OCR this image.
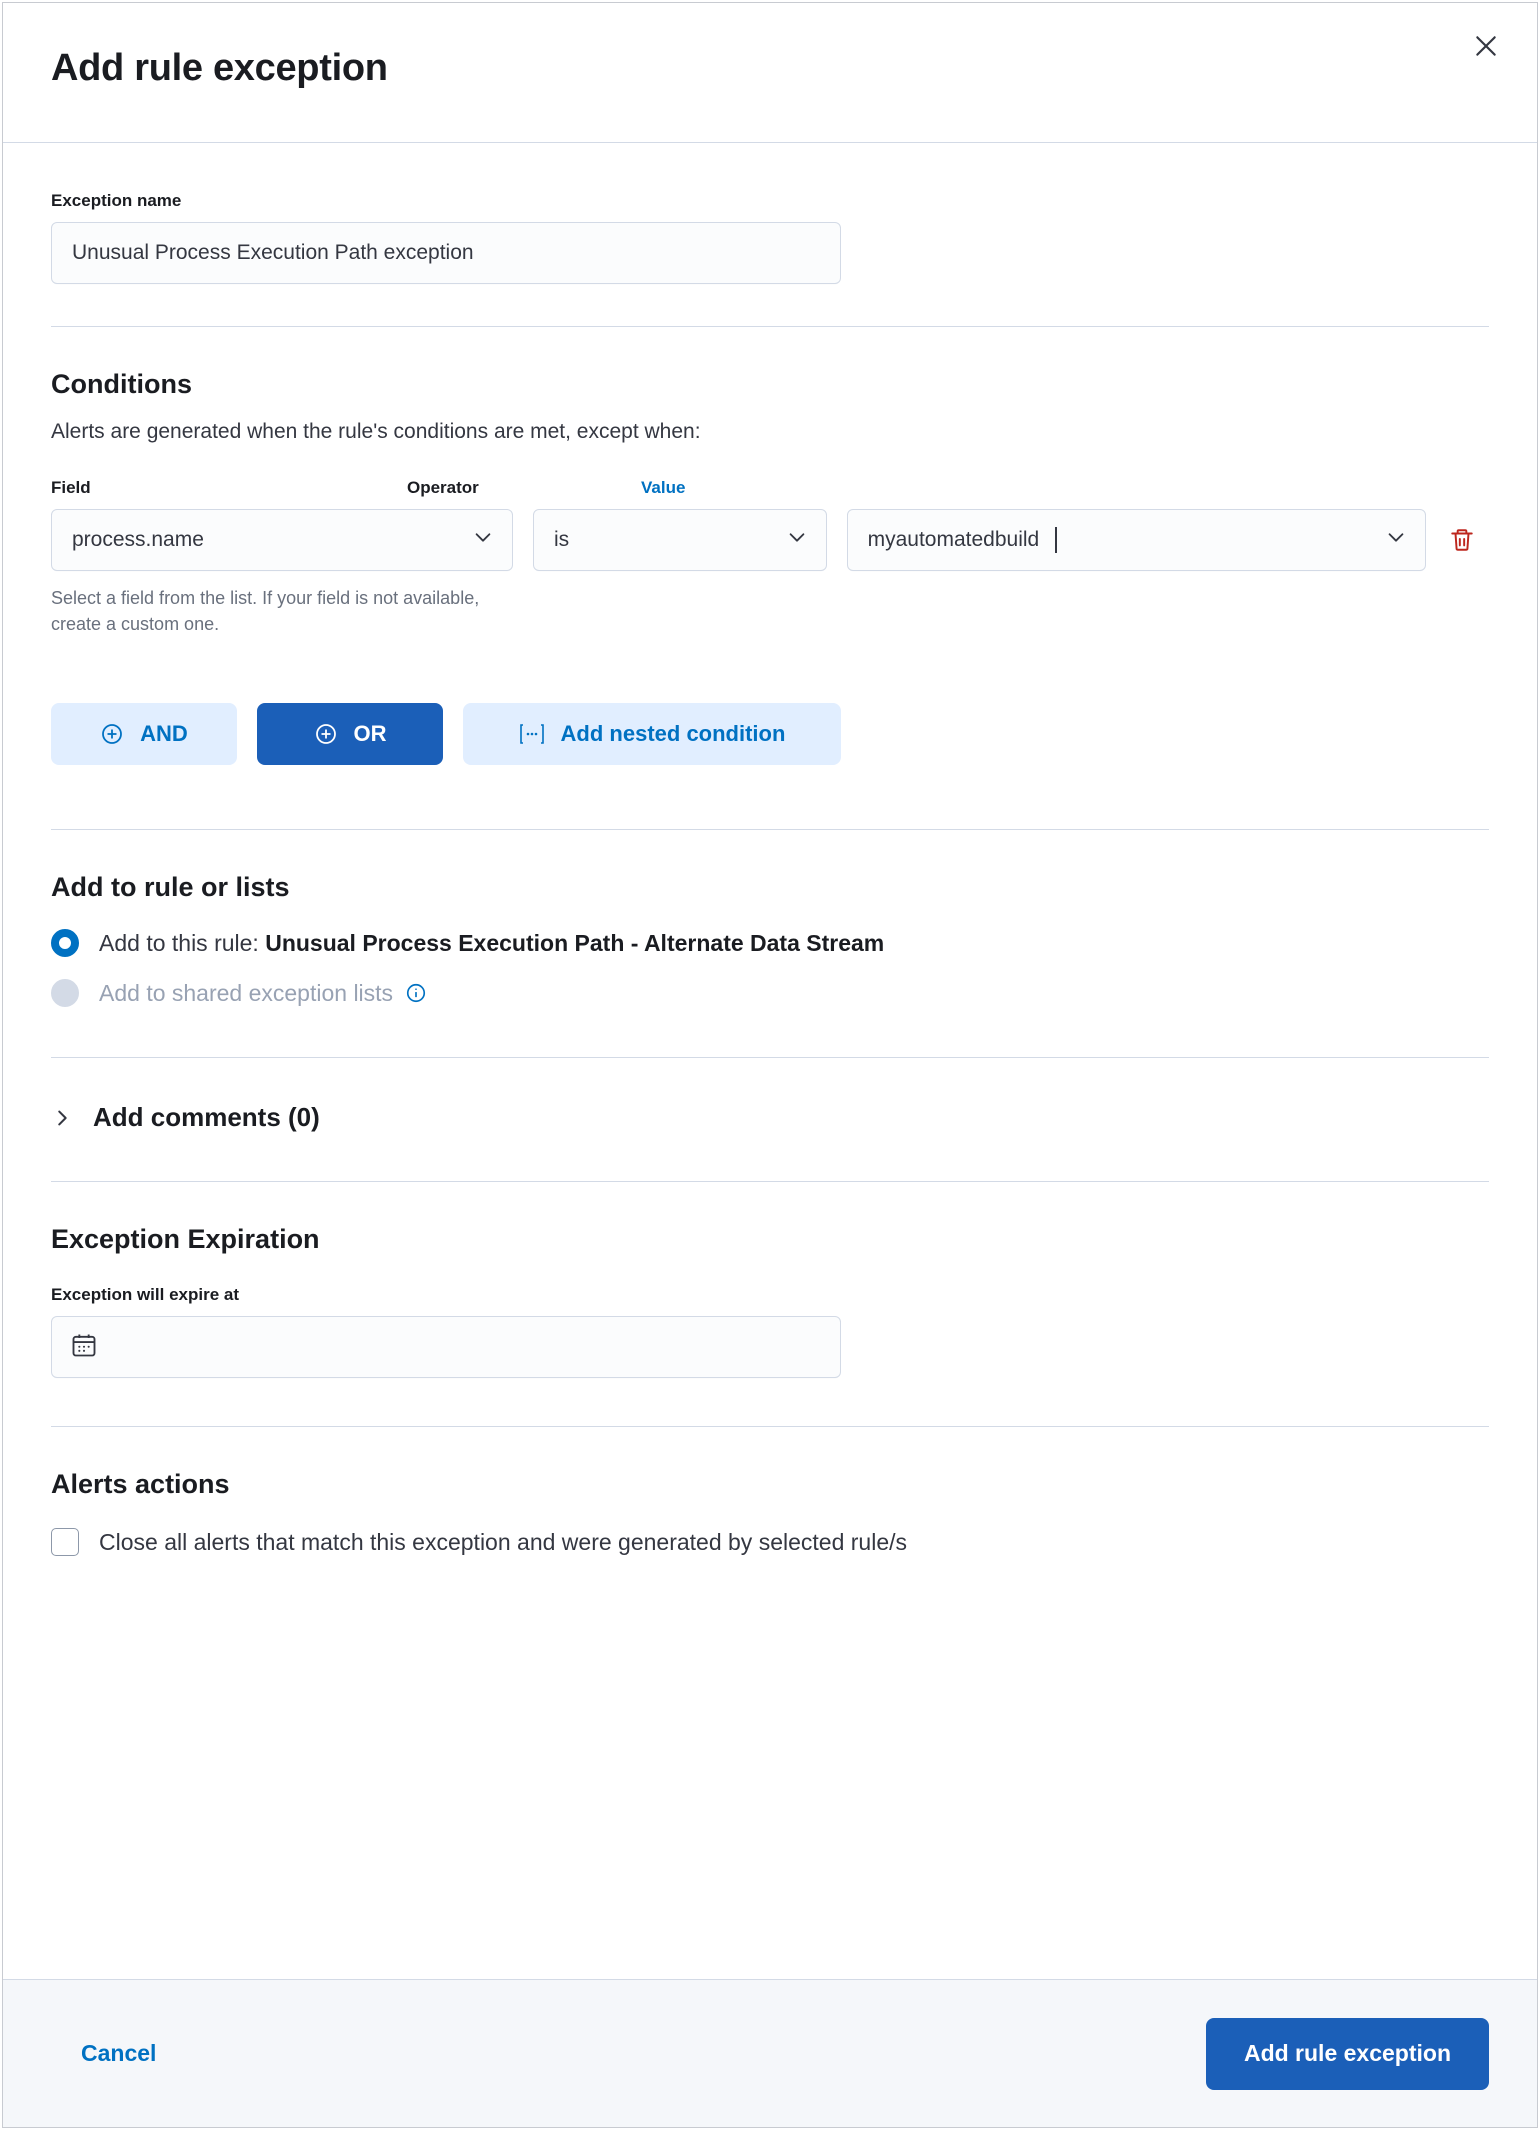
Add rule exception
Exception name
Unusual Process Execution Path exception
Conditions
Alerts are generated when the rule's conditions are met, except when:
Field	Operator	Value
process.name	is	myautomatedbuild
Select a field from the list. If your field is not available, create a custom one.
AND	OR	Add nested condition
Add to rule or lists
Add to this rule: Unusual Process Execution Path - Alternate Data Stream
Add to shared exception lists
Add comments (0)
Exception Expiration
Exception will expire at
Alerts actions
Close all alerts that match this exception and were generated by selected rule/s
Cancel	Add rule exception
